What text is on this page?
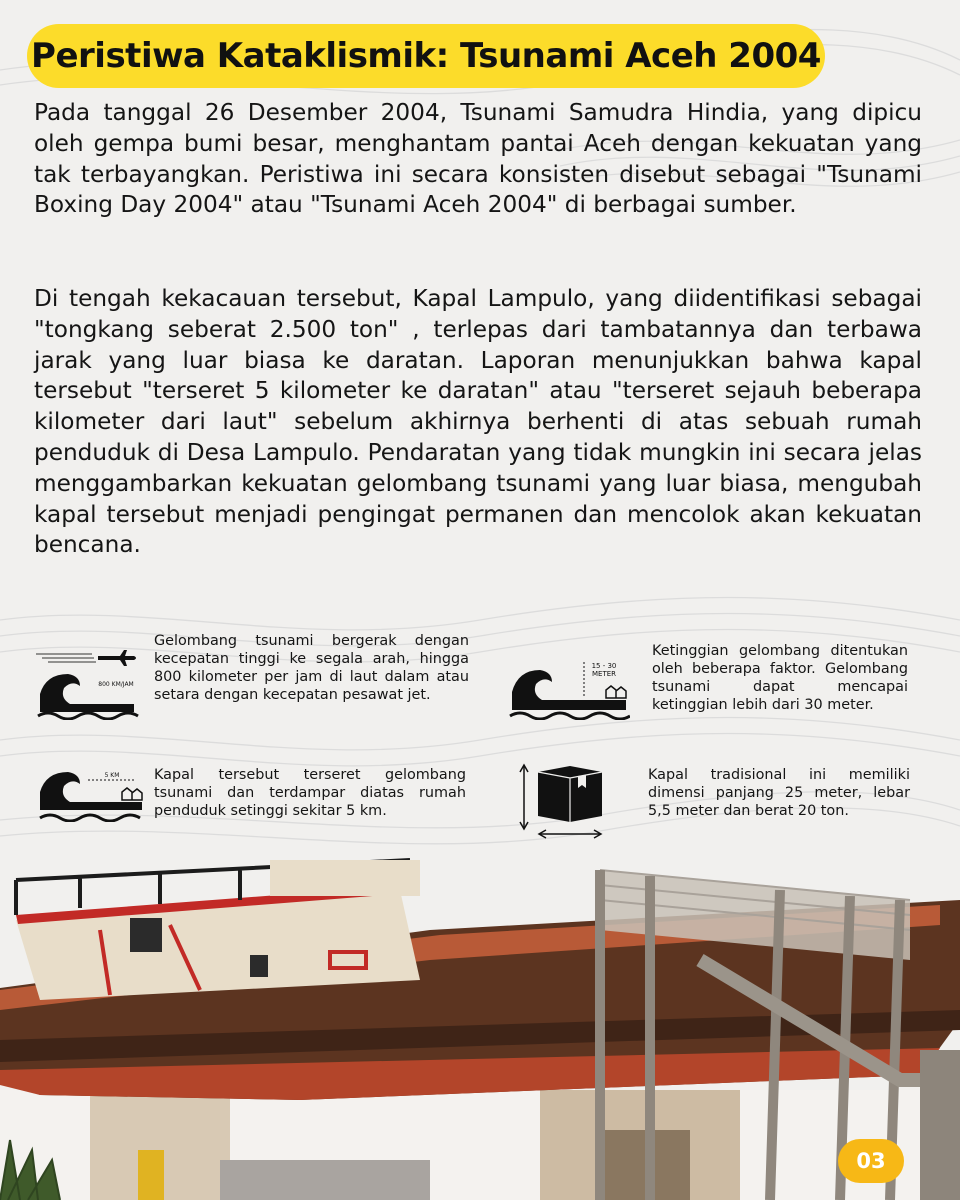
Peristiwa Kataklismik: Tsunami Aceh 2004

Pada tanggal 26 Desember 2004, Tsunami Samudra Hindia, yang dipicu oleh gempa bumi besar, menghantam pantai Aceh dengan kekuatan yang tak terbayangkan. Peristiwa ini secara konsisten disebut sebagai "Tsunami Boxing Day 2004" atau "Tsunami Aceh 2004" di berbagai sumber.

Di tengah kekacauan tersebut, Kapal Lampulo, yang diidentifikasi sebagai "tongkang seberat 2.500 ton" , terlepas dari tambatannya dan terbawa jarak yang luar biasa ke daratan. Laporan menunjukkan bahwa kapal tersebut "terseret 5 kilometer ke daratan" atau "terseret sejauh beberapa kilometer dari laut" sebelum akhirnya berhenti di atas sebuah rumah penduduk di Desa Lampulo. Pendaratan yang tidak mungkin ini secara jelas menggambarkan kekuatan gelombang tsunami yang luar biasa, mengubah kapal tersebut menjadi pengingat permanen dan mencolok akan kekuatan bencana.

800 KM/JAM

Gelombang tsunami bergerak dengan kecepatan tinggi ke segala arah, hingga 800 kilometer per jam di laut dalam atau setara dengan kecepatan pesawat jet.

15 - 30
METER

Ketinggian gelombang ditentukan oleh beberapa faktor. Gelombang tsunami dapat mencapai ketinggian lebih dari 30 meter.

5 KM Kapal tersebut terseret gelombang tsunami dan terdampar diatas rumah penduduk setinggi sekitar 5 km.

Kapal tradisional ini memiliki dimensi panjang 25 meter, lebar 5,5 meter dan berat 20 ton.

03
